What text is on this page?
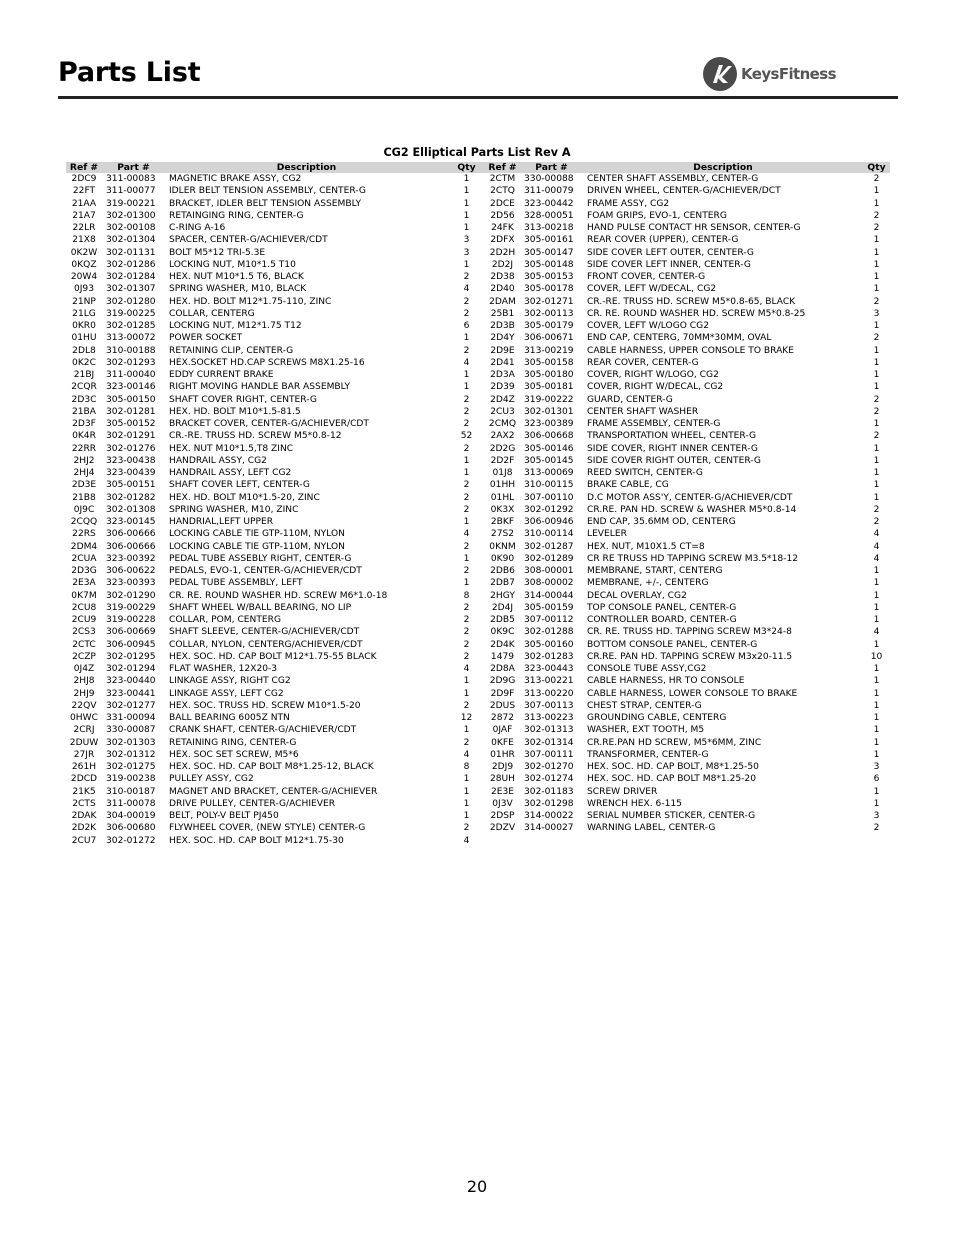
Parts List	KeysFitness
CG2 Elliptical Parts List Rev A
Ref #	Part #	Description	Qty	Ref #	Part #	Description	Qty
2DC9	311-00083	MAGNETIC BRAKE ASSY, CG2	1	2CTM	330-00088	CENTER SHAFT ASSEMBLY, CENTER-G	2
22FT	311-00077	IDLER BELT TENSION ASSEMBLY, CENTER-G	1	2CTQ	311-00079	DRIVEN WHEEL, CENTER-G/ACHIEVER/DCT	1
21AA	319-00221	BRACKET, IDLER BELT TENSION ASSEMBLY	1	2DCE	323-00442	FRAME ASSY, CG2	1
21A7	302-01300	RETAINGING RING, CENTER-G	1	2D56	328-00051	FOAM GRIPS, EVO-1, CENTERG	2
22LR	302-00108	C-RING A-16	1	24FK	313-00218	HAND PULSE CONTACT HR SENSOR, CENTER-G	2
21X8	302-01304	SPACER, CENTER-G/ACHIEVER/CDT	3	2DFX	305-00161	REAR COVER (UPPER), CENTER-G	1
0K2W	302-01131	BOLT M5*12 TRI-5.3E	3	2D2H	305-00147	SIDE COVER LEFT OUTER, CENTER-G	1
0KQZ	302-01286	LOCKING NUT, M10*1.5 T10	1	2D2J	305-00148	SIDE COVER LEFT INNER, CENTER-G	1
20W4	302-01284	HEX. NUT M10*1.5 T6, BLACK	2	2D38	305-00153	FRONT COVER, CENTER-G	1
0J93	302-01307	SPRING WASHER, M10, BLACK	4	2D40	305-00178	COVER, LEFT W/DECAL, CG2	1
21NP	302-01280	HEX. HD. BOLT M12*1.75-110, ZINC	2	2DAM	302-01271	CR.-RE. TRUSS HD. SCREW M5*0.8-65, BLACK	2
21LG	319-00225	COLLAR, CENTERG	2	25B1	302-00113	CR. RE. ROUND WASHER HD. SCREW M5*0.8-25	3
0KR0	302-01285	LOCKING NUT, M12*1.75 T12	6	2D3B	305-00179	COVER, LEFT W/LOGO CG2	1
01HU	313-00072	POWER SOCKET	1	2D4Y	306-00671	END CAP, CENTERG, 70MM*30MM, OVAL	2
2DL8	310-00188	RETAINING CLIP, CENTER-G	2	2D9E	313-00219	CABLE HARNESS, UPPER CONSOLE TO BRAKE	1
0K2C	302-01293	HEX.SOCKET HD.CAP SCREWS M8X1.25-16	4	2D41	305-00158	REAR COVER, CENTER-G	1
21BJ	311-00040	EDDY CURRENT BRAKE	1	2D3A	305-00180	COVER, RIGHT W/LOGO, CG2	1
2CQR	323-00146	RIGHT MOVING HANDLE BAR ASSEMBLY	1	2D39	305-00181	COVER, RIGHT W/DECAL, CG2	1
2D3C	305-00150	SHAFT COVER RIGHT, CENTER-G	2	2D4Z	319-00222	GUARD, CENTER-G	2
21BA	302-01281	HEX. HD. BOLT M10*1.5-81.5	2	2CU3	302-01301	CENTER SHAFT WASHER	2
2D3F	305-00152	BRACKET COVER, CENTER-G/ACHIEVER/CDT	2	2CMQ	323-00389	FRAME ASSEMBLY, CENTER-G	1
0K4R	302-01291	CR.-RE. TRUSS HD. SCREW M5*0.8-12	52	2AX2	306-00668	TRANSPORTATION WHEEL, CENTER-G	2
22RR	302-01276	HEX. NUT M10*1.5,T8 ZINC	2	2D2G	305-00146	SIDE COVER, RIGHT INNER CENTER-G	1
2HJ2	323-00438	HANDRAIL ASSY, CG2	1	2D2F	305-00145	SIDE COVER RIGHT OUTER, CENTER-G	1
2HJ4	323-00439	HANDRAIL ASSY, LEFT CG2	1	01J8	313-00069	REED SWITCH, CENTER-G	1
2D3E	305-00151	SHAFT COVER LEFT, CENTER-G	2	01HH	310-00115	BRAKE CABLE, CG	1
21B8	302-01282	HEX. HD. BOLT M10*1.5-20, ZINC	2	01HL	307-00110	D.C MOTOR ASS'Y, CENTER-G/ACHIEVER/CDT	1
0J9C	302-01308	SPRING WASHER, M10, ZINC	2	0K3X	302-01292	CR.RE. PAN HD. SCREW & WASHER M5*0.8-14	2
2CQQ	323-00145	HANDRIAL,LEFT UPPER	1	2BKF	306-00946	END CAP, 35.6MM OD, CENTERG	2
22RS	306-00666	LOCKING CABLE TIE GTP-110M, NYLON	4	27S2	310-00114	LEVELER	4
2DM4	306-00666	LOCKING CABLE TIE GTP-110M, NYLON	2	0KNM	302-01287	HEX. NUT, M10X1.5 CT=8	4
2CUA	323-00392	PEDAL TUBE ASSEBLY RIGHT, CENTER-G	1	0K90	302-01289	CR RE TRUSS HD TAPPING SCREW M3.5*18-12	4
2D3G	306-00622	PEDALS, EVO-1, CENTER-G/ACHIEVER/CDT	2	2DB6	308-00001	MEMBRANE, START, CENTERG	1
2E3A	323-00393	PEDAL TUBE ASSEMBLY, LEFT	1	2DB7	308-00002	MEMBRANE, +/-, CENTERG	1
0K7M	302-01290	CR. RE. ROUND WASHER HD. SCREW M6*1.0-18	8	2HGY	314-00044	DECAL OVERLAY, CG2	1
2CU8	319-00229	SHAFT WHEEL W/BALL BEARING, NO LIP	2	2D4J	305-00159	TOP CONSOLE PANEL, CENTER-G	1
2CU9	319-00228	COLLAR, POM, CENTERG	2	2DB5	307-00112	CONTROLLER BOARD, CENTER-G	1
2CS3	306-00669	SHAFT SLEEVE, CENTER-G/ACHIEVER/CDT	2	0K9C	302-01288	CR. RE. TRUSS HD. TAPPING SCREW M3*24-8	4
2CTC	306-00945	COLLAR, NYLON, CENTERG/ACHIEVER/CDT	2	2D4K	305-00160	BOTTOM CONSOLE PANEL, CENTER-G	1
2CZP	302-01295	HEX. SOC. HD. CAP BOLT M12*1.75-55 BLACK	2	1479	302-01283	CR.RE. PAN HD. TAPPING SCREW M3x20-11.5	10
0J4Z	302-01294	FLAT WASHER, 12X20-3	4	2D8A	323-00443	CONSOLE TUBE ASSY,CG2	1
2HJ8	323-00440	LINKAGE ASSY, RIGHT CG2	1	2D9G	313-00221	CABLE HARNESS, HR TO CONSOLE	1
2HJ9	323-00441	LINKAGE ASSY, LEFT CG2	1	2D9F	313-00220	CABLE HARNESS, LOWER CONSOLE TO BRAKE	1
22QV	302-01277	HEX. SOC. TRUSS HD. SCREW M10*1.5-20	2	2DUS	307-00113	CHEST STRAP, CENTER-G	1
0HWC	331-00094	BALL BEARING 6005Z NTN	12	2872	313-00223	GROUNDING CABLE, CENTERG	1
2CRJ	330-00087	CRANK SHAFT, CENTER-G/ACHIEVER/CDT	1	0JAF	302-01313	WASHER, EXT TOOTH, M5	1
2DUW	302-01303	RETAINING RING, CENTER-G	2	0KFE	302-01314	CR.RE.PAN HD SCREW, M5*6MM, ZINC	1
27JR	302-01312	HEX. SOC SET SCREW, M5*6	4	01HR	307-00111	TRANSFORMER, CENTER-G	1
261H	302-01275	HEX. SOC. HD. CAP BOLT M8*1.25-12, BLACK	8	2DJ9	302-01270	HEX. SOC. HD. CAP BOLT, M8*1.25-50	3
2DCD	319-00238	PULLEY ASSY, CG2	1	28UH	302-01274	HEX. SOC. HD. CAP BOLT M8*1.25-20	6
21K5	310-00187	MAGNET AND BRACKET, CENTER-G/ACHIEVER	1	2E3E	302-01183	SCREW DRIVER	1
2CTS	311-00078	DRIVE PULLEY, CENTER-G/ACHIEVER	1	0J3V	302-01298	WRENCH HEX. 6-115	1
2DAK	304-00019	BELT, POLY-V BELT PJ450	1	2DSP	314-00022	SERIAL NUMBER STICKER, CENTER-G	3
2D2K	306-00680	FLYWHEEL COVER, (NEW STYLE) CENTER-G	2	2DZV	314-00027	WARNING LABEL, CENTER-G	2
2CU7	302-01272	HEX. SOC. HD. CAP BOLT M12*1.75-30	4				
20
